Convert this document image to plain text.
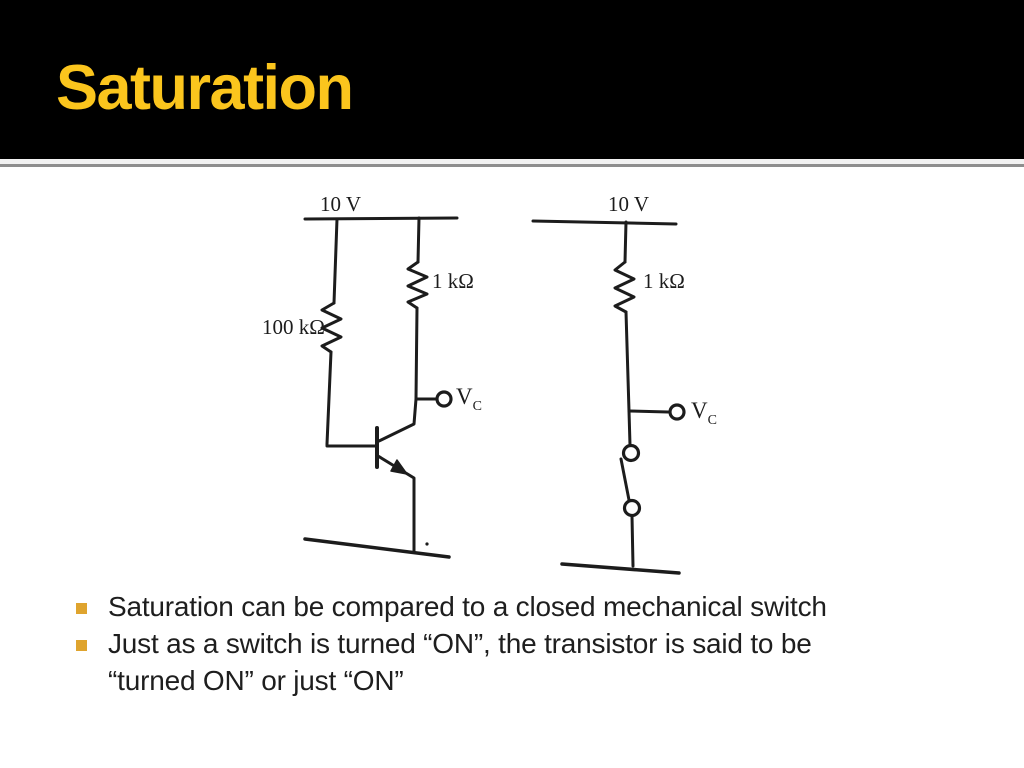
Saturation
10 V
100 kΩ
1 kΩ
$V_C$
10 V
1 kΩ
$V_C$
Saturation can be compared to a closed mechanical switch
Just as a switch is turned “ON”, the transistor is said to be
“turned ON” or just “ON”
